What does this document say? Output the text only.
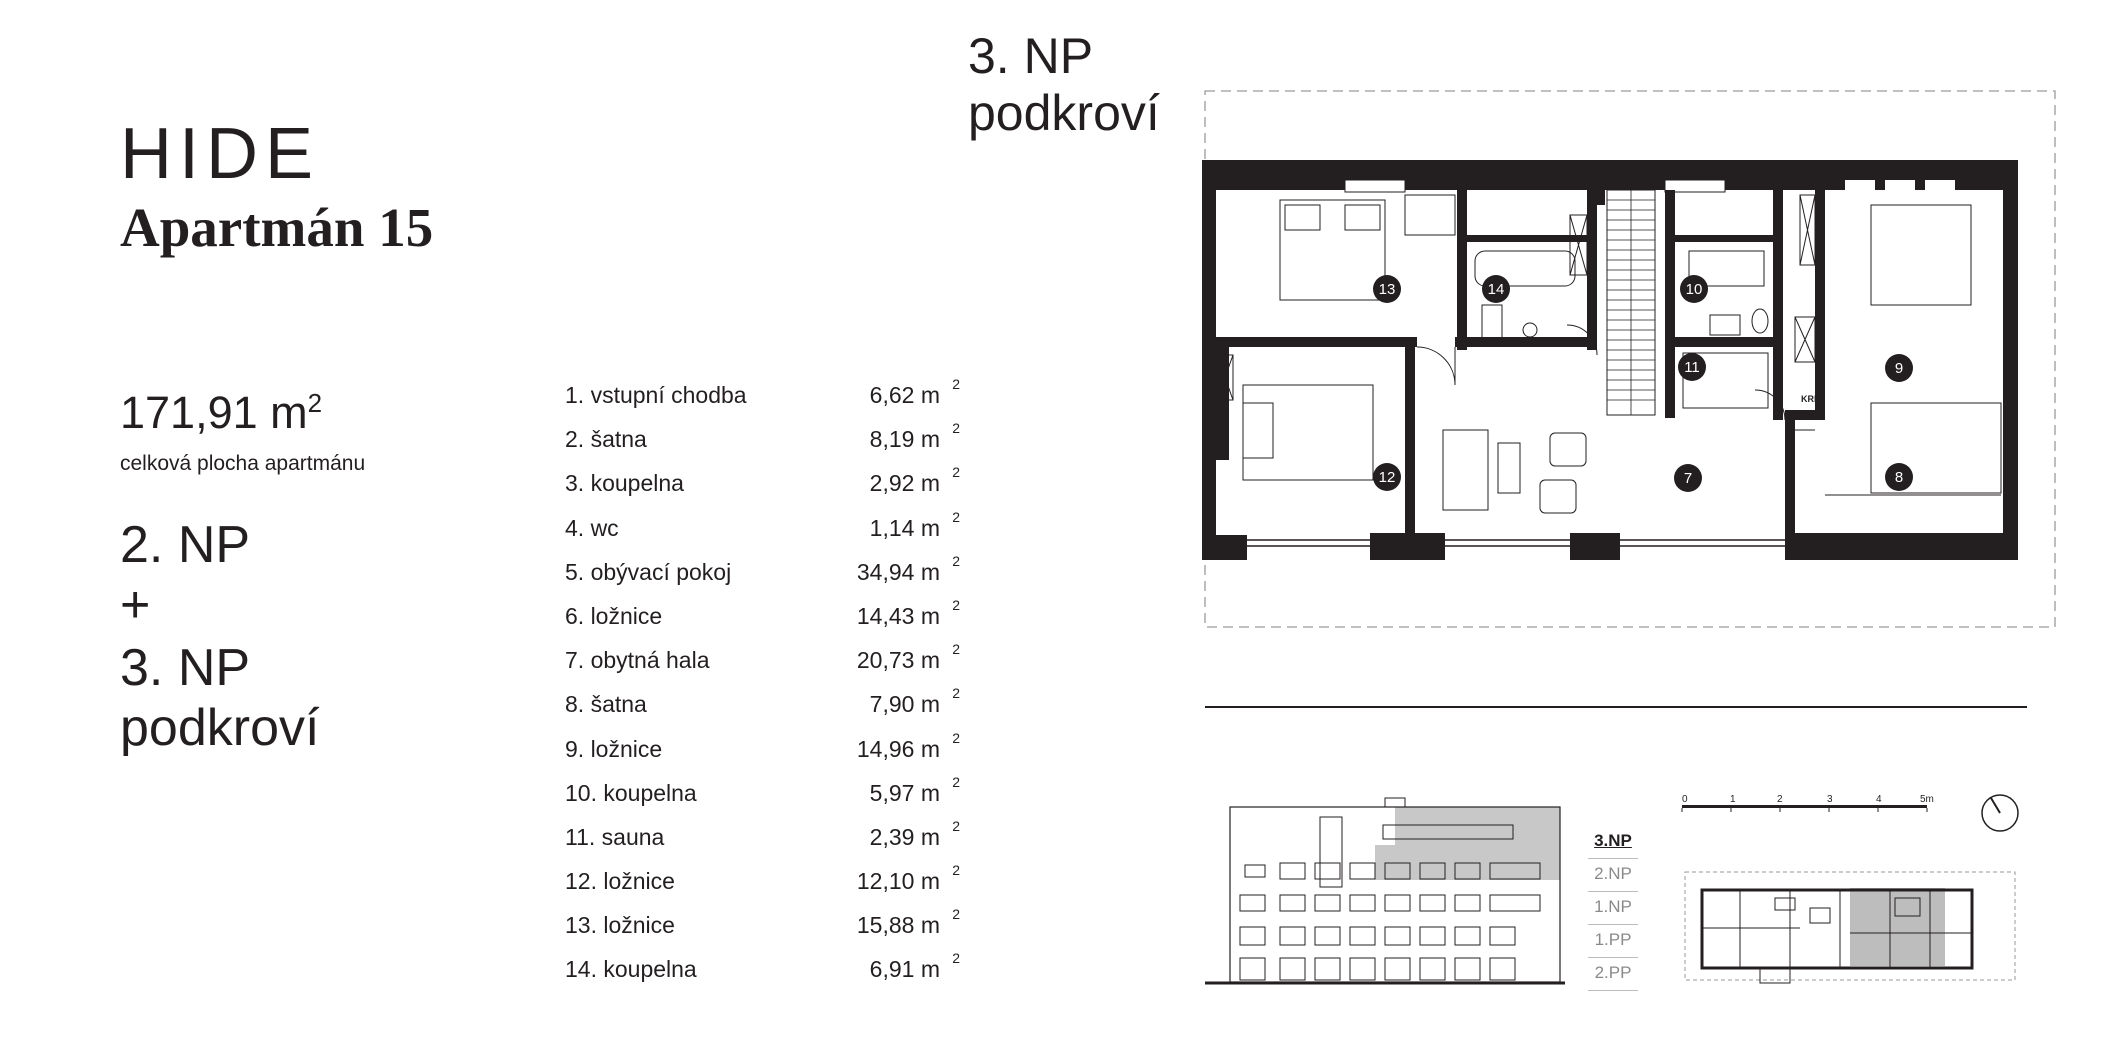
HIDE
Apartmán 15
171,91 $m^2$
celková plocha apartmánu
2. NP
+
3. NP
podkroví
1. vstupní chodba	6,62 m 2
2. šatna	8,19 m 2
3. koupelna	2,92 m 2
4. wc	1,14 m 2
5. obývací pokoj	34,94 m 2
6. ložnice	14,43 m 2
7. obytná hala	20,73 m 2
8. šatna	7,90 m 2
9. ložnice	14,96 m 2
10. koupelna	5,97 m 2
11. sauna	2,39 m 2
12. ložnice	12,10 m 2
13. ložnice	15,88 m 2
14. koupelna	6,91 m 2
3. NP
podkroví
KRB
13	14	10
11	9
12	7	8
3.NP
2.NP
1.NP
1.PP
2.PP
0	1	2	3	4	5m
